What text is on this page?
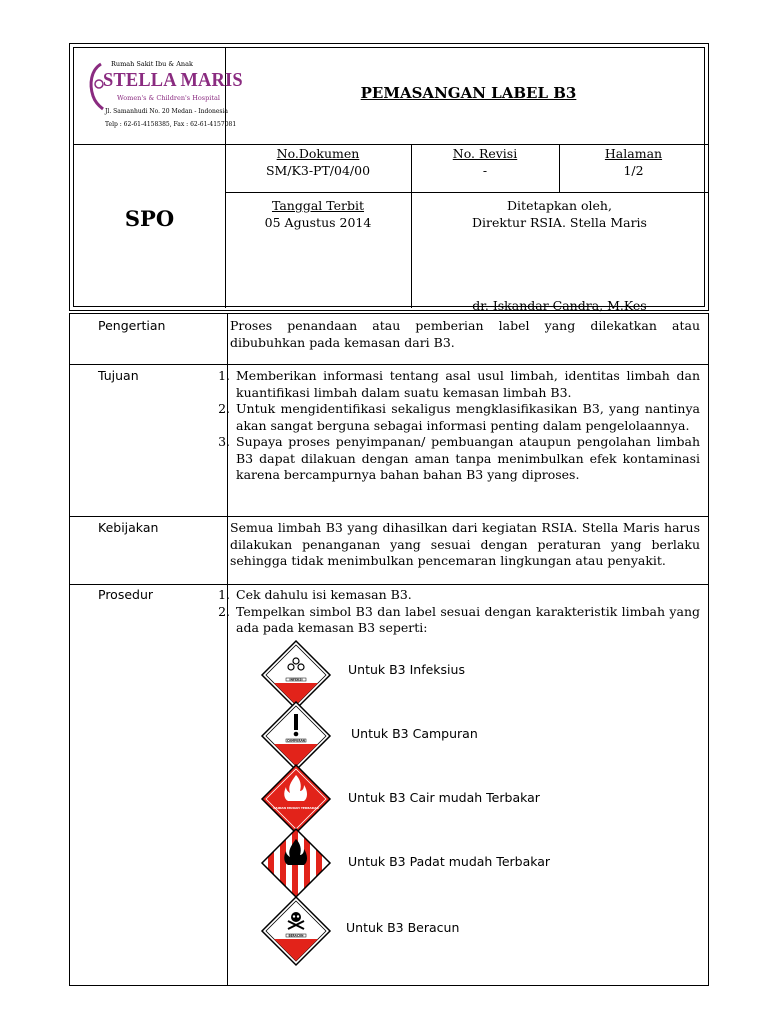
Rumah Sakit Ibu & Anak
STELLA MARIS
Women's & Children's Hospital
Jl. Samanhudi No. 20 Medan - Indonesia
Telp : 62-61-4158385, Fax : 62-61-4157081
PEMASANGAN LABEL B3
SPO
No.Dokumen
SM/K3-PT/04/00
No. Revisi
-
Halaman
1/2
Tanggal Terbit
05 Agustus 2014
Ditetapkan oleh,
Direktur RSIA. Stella Maris
dr. Iskandar Candra, M.Kes
Pengertian	Proses penandaan atau pemberian label yang dilekatkan atau dibubuhkan pada kemasan dari B3.
Tujuan	1. Memberikan informasi tentang asal usul limbah, identitas limbah dan kuantifikasi limbah dalam suatu kemasan limbah B3.
2. Untuk mengidentifikasi sekaligus mengklasifikasikan B3, yang nantinya akan sangat berguna sebagai informasi penting dalam pengelolaannya.
3. Supaya proses penyimpanan/ pembuangan ataupun pengolahan limbah B3 dapat dilakuan dengan aman tanpa menimbulkan efek kontaminasi karena bercampurnya bahan bahan B3 yang diproses.
Kebijakan	Semua limbah B3 yang dihasilkan dari kegiatan RSIA. Stella Maris harus dilakukan penanganan yang sesuai dengan peraturan yang berlaku sehingga tidak menimbulkan pencemaran lingkungan atau penyakit.
Prosedur	1. Cek dahulu isi kemasan B3.
2. Tempelkan simbol B3 dan label sesuai dengan karakteristik limbah yang ada pada kemasan B3 seperti:
INFEKSI
Untuk B3 Infeksius
CAMPURAN	Untuk B3 Campuran
CAIRAN MUDAH TERBAKAR
Untuk B3 Cair mudah Terbakar
Untuk B3 Padat mudah Terbakar
BERACUN
Untuk B3 Beracun
